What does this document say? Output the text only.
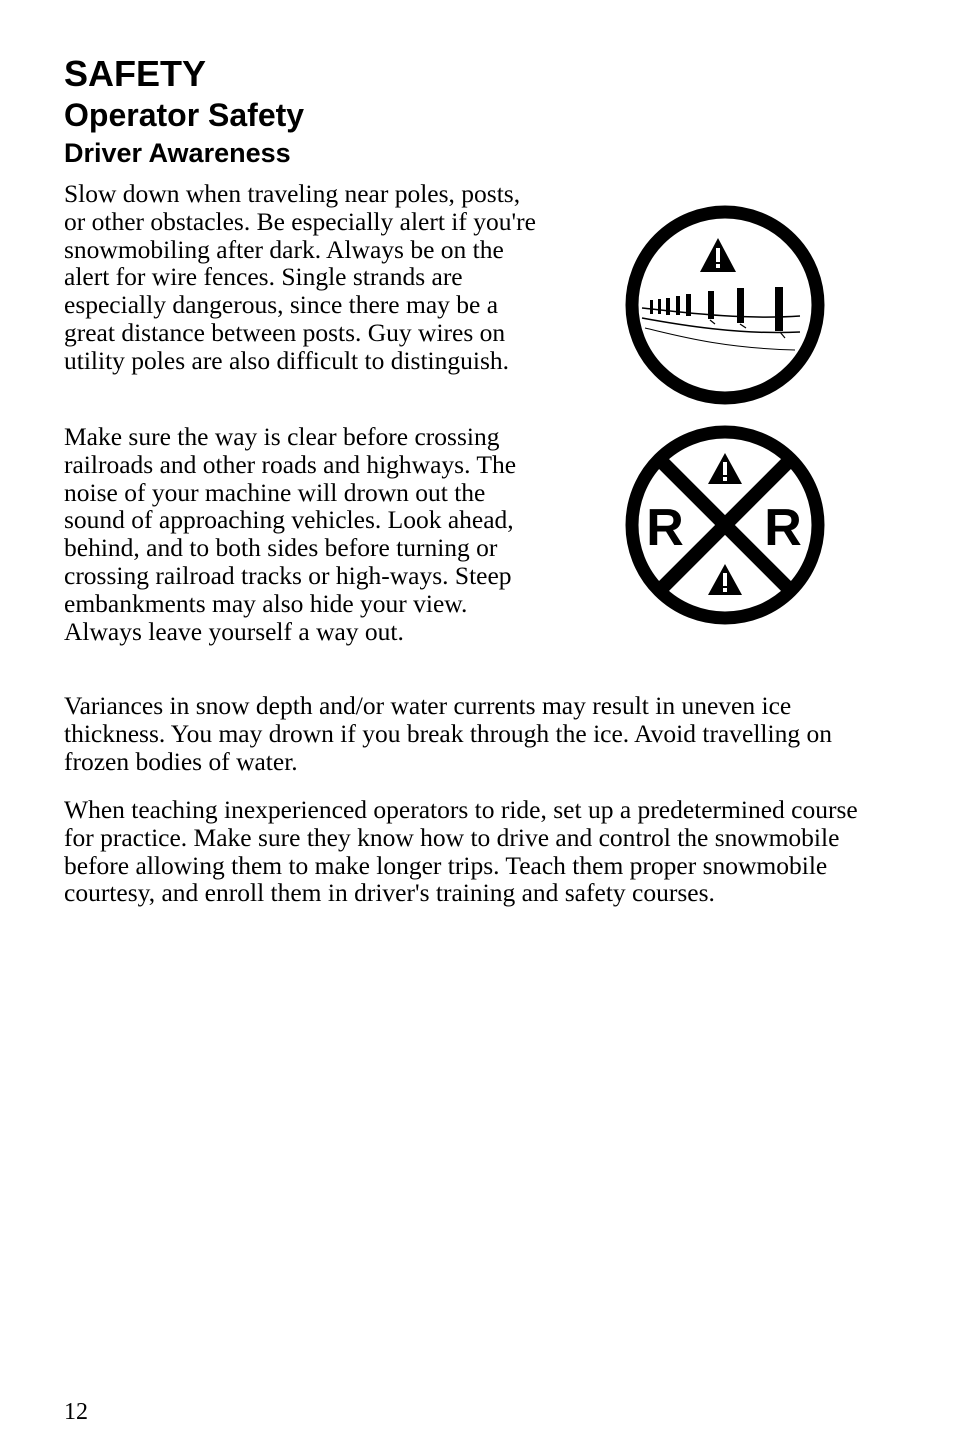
SAFETY
Operator Safety
Driver Awareness

Slow down when traveling near poles, posts, or other obstacles. Be especially alert if you're snowmobiling after dark. Always be on the alert for wire fences. Single strands are especially dangerous, since there may be a great distance between posts. Guy wires on utility poles are also difficult to distinguish.

Make sure the way is clear before crossing railroads and other roads and highways. The noise of your machine will drown out the sound of approaching vehicles. Look ahead, behind, and to both sides before turning or crossing railroad tracks or high-ways. Steep embankments may also hide your view. Always leave yourself a way out.

Variances in snow depth and/or water currents may result in uneven ice thickness. You may drown if you break through the ice. Avoid travelling on frozen bodies of water.

When teaching inexperienced operators to ride, set up a predetermined course for practice. Make sure they know how to drive and control the snowmobile before allowing them to make longer trips. Teach them proper snowmobile courtesy, and enroll them in driver's training and safety courses.

R R
12
